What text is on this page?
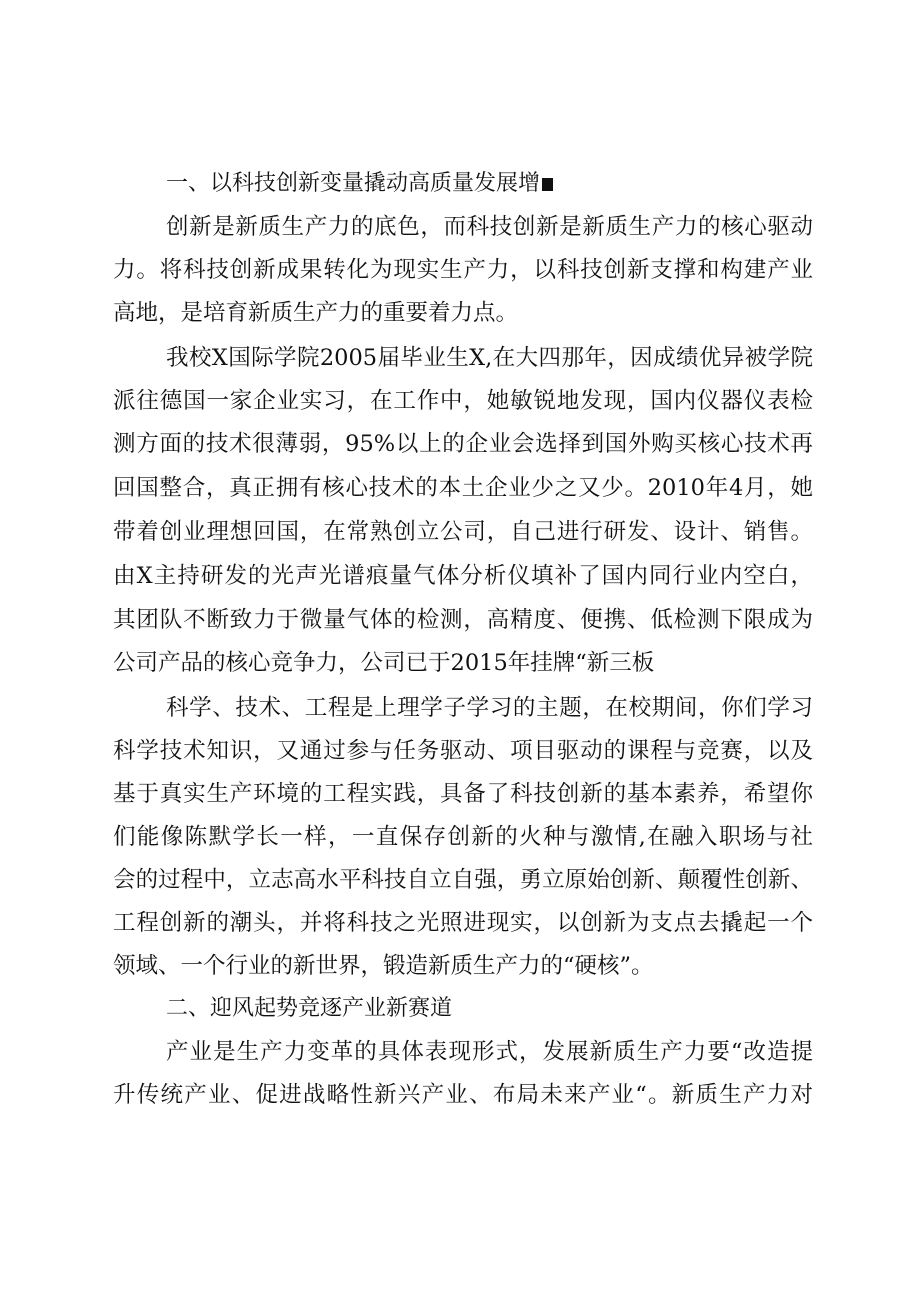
一、以科技创新变量撬动高质量发展增
创新是新质生产力的底色，而科技创新是新质生产力的核心驱动
力。将科技创新成果转化为现实生产力，以科技创新支撑和构建产业
高地，是培育新质生产力的重要着力点。
我校X国际学院2005届毕业生X,在大四那年，因成绩优异被学院
派往德国一家企业实习，在工作中，她敏锐地发现，国内仪器仪表检
测方面的技术很薄弱，95%以上的企业会选择到国外购买核心技术再
回国整合，真正拥有核心技术的本土企业少之又少。2010年4月，她
带着创业理想回国，在常熟创立公司，自己进行研发、设计、销售。
由X主持研发的光声光谱痕量气体分析仪填补了国内同行业内空白，
其团队不断致力于微量气体的检测，高精度、便携、低检测下限成为
公司产品的核心竞争力，公司已于2015年挂牌“新三板
科学、技术、工程是上理学子学习的主题，在校期间，你们学习
科学技术知识，又通过参与任务驱动、项目驱动的课程与竞赛，以及
基于真实生产环境的工程实践，具备了科技创新的基本素养，希望你
们能像陈默学长一样，一直保存创新的火种与激情,在融入职场与社
会的过程中，立志高水平科技自立自强，勇立原始创新、颠覆性创新、
工程创新的潮头，并将科技之光照进现实，以创新为支点去撬起一个
领域、一个行业的新世界，锻造新质生产力的“硬核”。
二、迎风起势竞逐产业新赛道
产业是生产力变革的具体表现形式，发展新质生产力要“改造提
升传统产业、促进战略性新兴产业、布局未来产业“。新质生产力对
